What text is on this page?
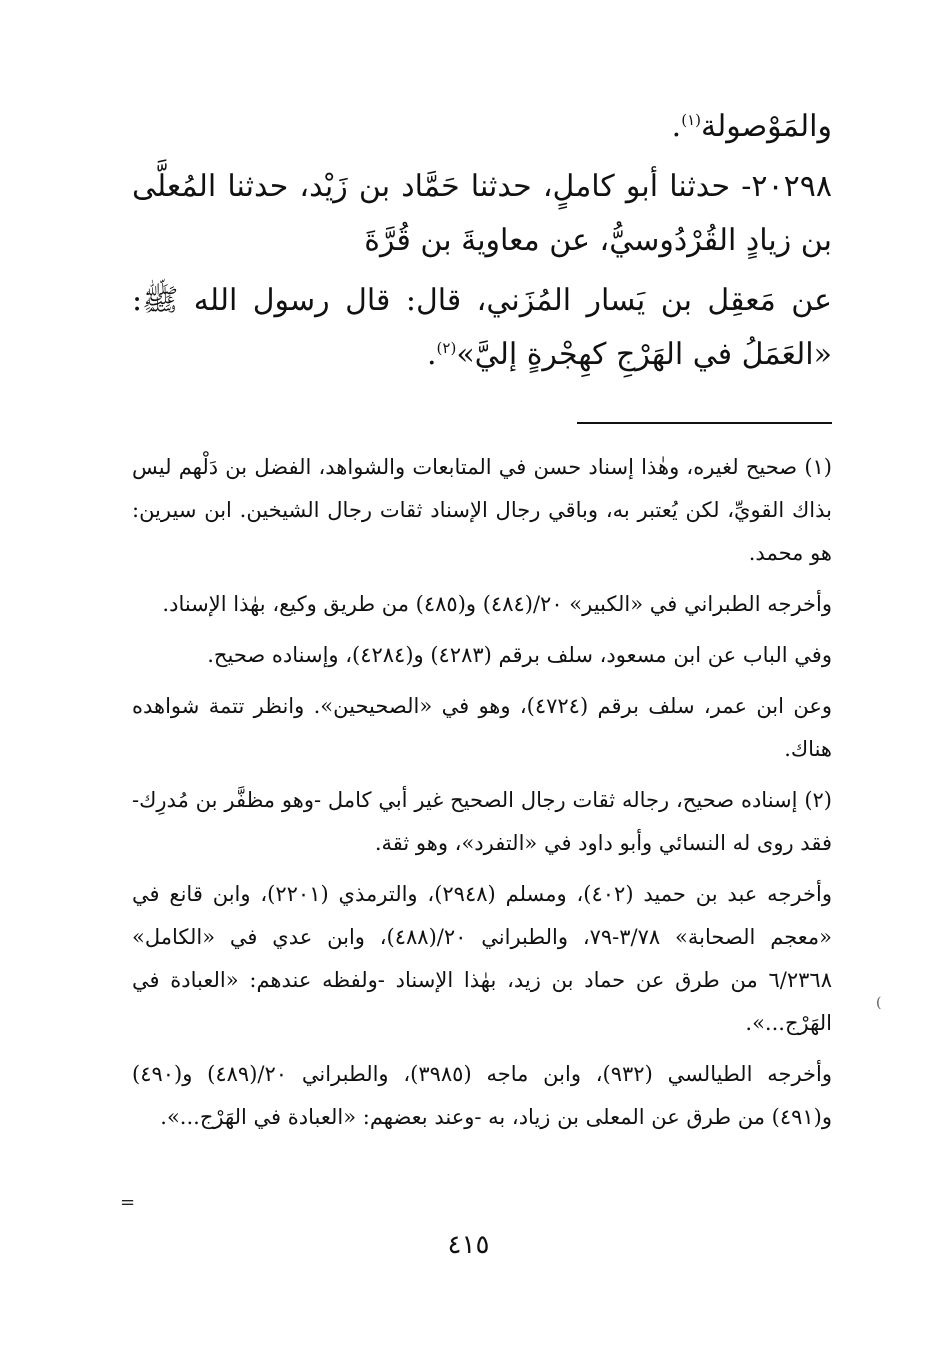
والمَوْصولة$^{(١)}$.

٢٠٢٩٨- حدثنا أبو كاملٍ، حدثنا حَمَّاد بن زَيْد، حدثنا المُعلَّى بن زيادٍ القُرْدُوسيُّ، عن معاويةَ بن قُرَّةَ

عن مَعقِل بن يَسار المُزَني، قال: قال رسول الله ﷺ: «العَمَلُ في الهَرْجِ كهِجْرةٍ إليَّ»$^{(٢)}$.

(١) صحيح لغيره، وهٰذا إسناد حسن في المتابعات والشواهد، الفضل بن دَلْهم ليس بذاك القويِّ، لكن يُعتبر به، وباقي رجال الإسناد ثقات رجال الشيخين. ابن سيرين: هو محمد.

وأخرجه الطبراني في «الكبير» ٢٠/(٤٨٤) و(٤٨٥) من طريق وكيع، بهٰذا الإسناد.

وفي الباب عن ابن مسعود، سلف برقم (٤٢٨٣) و(٤٢٨٤)، وإسناده صحيح.

وعن ابن عمر، سلف برقم (٤٧٢٤)، وهو في «الصحيحين». وانظر تتمة شواهده هناك.

(٢) إسناده صحيح، رجاله ثقات رجال الصحيح غير أبي كامل -وهو مظفَّر بن مُدرِك- فقد روى له النسائي وأبو داود في «التفرد»، وهو ثقة.

وأخرجه عبد بن حميد (٤٠٢)، ومسلم (٢٩٤٨)، والترمذي (٢٢٠١)، وابن قانع في «معجم الصحابة» ٣/٧٨-٧٩، والطبراني ٢٠/(٤٨٨)، وابن عدي في «الكامل» ٦/٢٣٦٨ من طرق عن حماد بن زيد، بهٰذا الإسناد -ولفظه عندهم: «العبادة في الهَرْج...».

وأخرجه الطيالسي (٩٣٢)، وابن ماجه (٣٩٨٥)، والطبراني ٢٠/(٤٨٩) و(٤٩٠) و(٤٩١) من طرق عن المعلى بن زياد، به -وعند بعضهم: «العبادة في الهَرْج...».

(
=
٤١٥
